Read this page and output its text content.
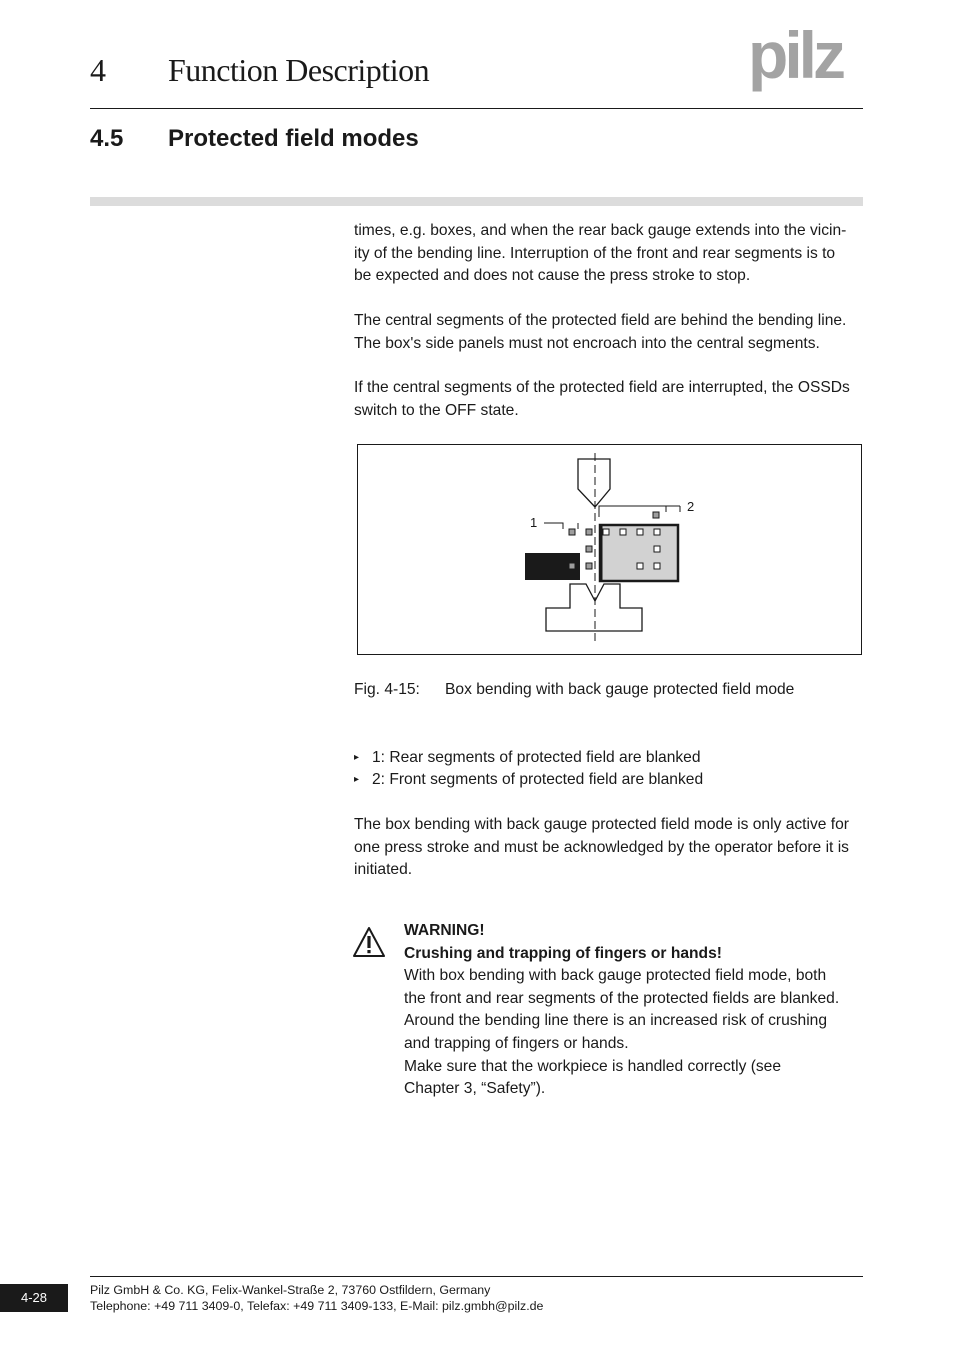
4 Function Description	pilz
4.5 Protected field modes
times, e.g. boxes, and when the rear back gauge extends into the vicin-
ity of the bending line. Interruption of the front and rear segments is to
be expected and does not cause the press stroke to stop.
The central segments of the protected field are behind the bending line.
The box's side panels must not encroach into the central segments.
If the central segments of the protected field are interrupted, the OSSDs
switch to the OFF state.
1
2
Fig. 4-15: Box bending with back gauge protected field mode
▸ 1: Rear segments of protected field are blanked
▸ 2: Front segments of protected field are blanked
The box bending with back gauge protected field mode is only active for
one press stroke and must be acknowledged by the operator before it is
initiated.
WARNING!
Crushing and trapping of fingers or hands!
With box bending with back gauge protected field mode, both
the front and rear segments of the protected fields are blanked.
Around the bending line there is an increased risk of crushing
and trapping of fingers or hands.
Make sure that the workpiece is handled correctly (see
Chapter 3, “Safety”).
4-28	Pilz GmbH & Co. KG, Felix-Wankel-Straße 2, 73760 Ostfildern, Germany
Telephone: +49 711 3409-0, Telefax: +49 711 3409-133, E-Mail: pilz.gmbh@pilz.de
